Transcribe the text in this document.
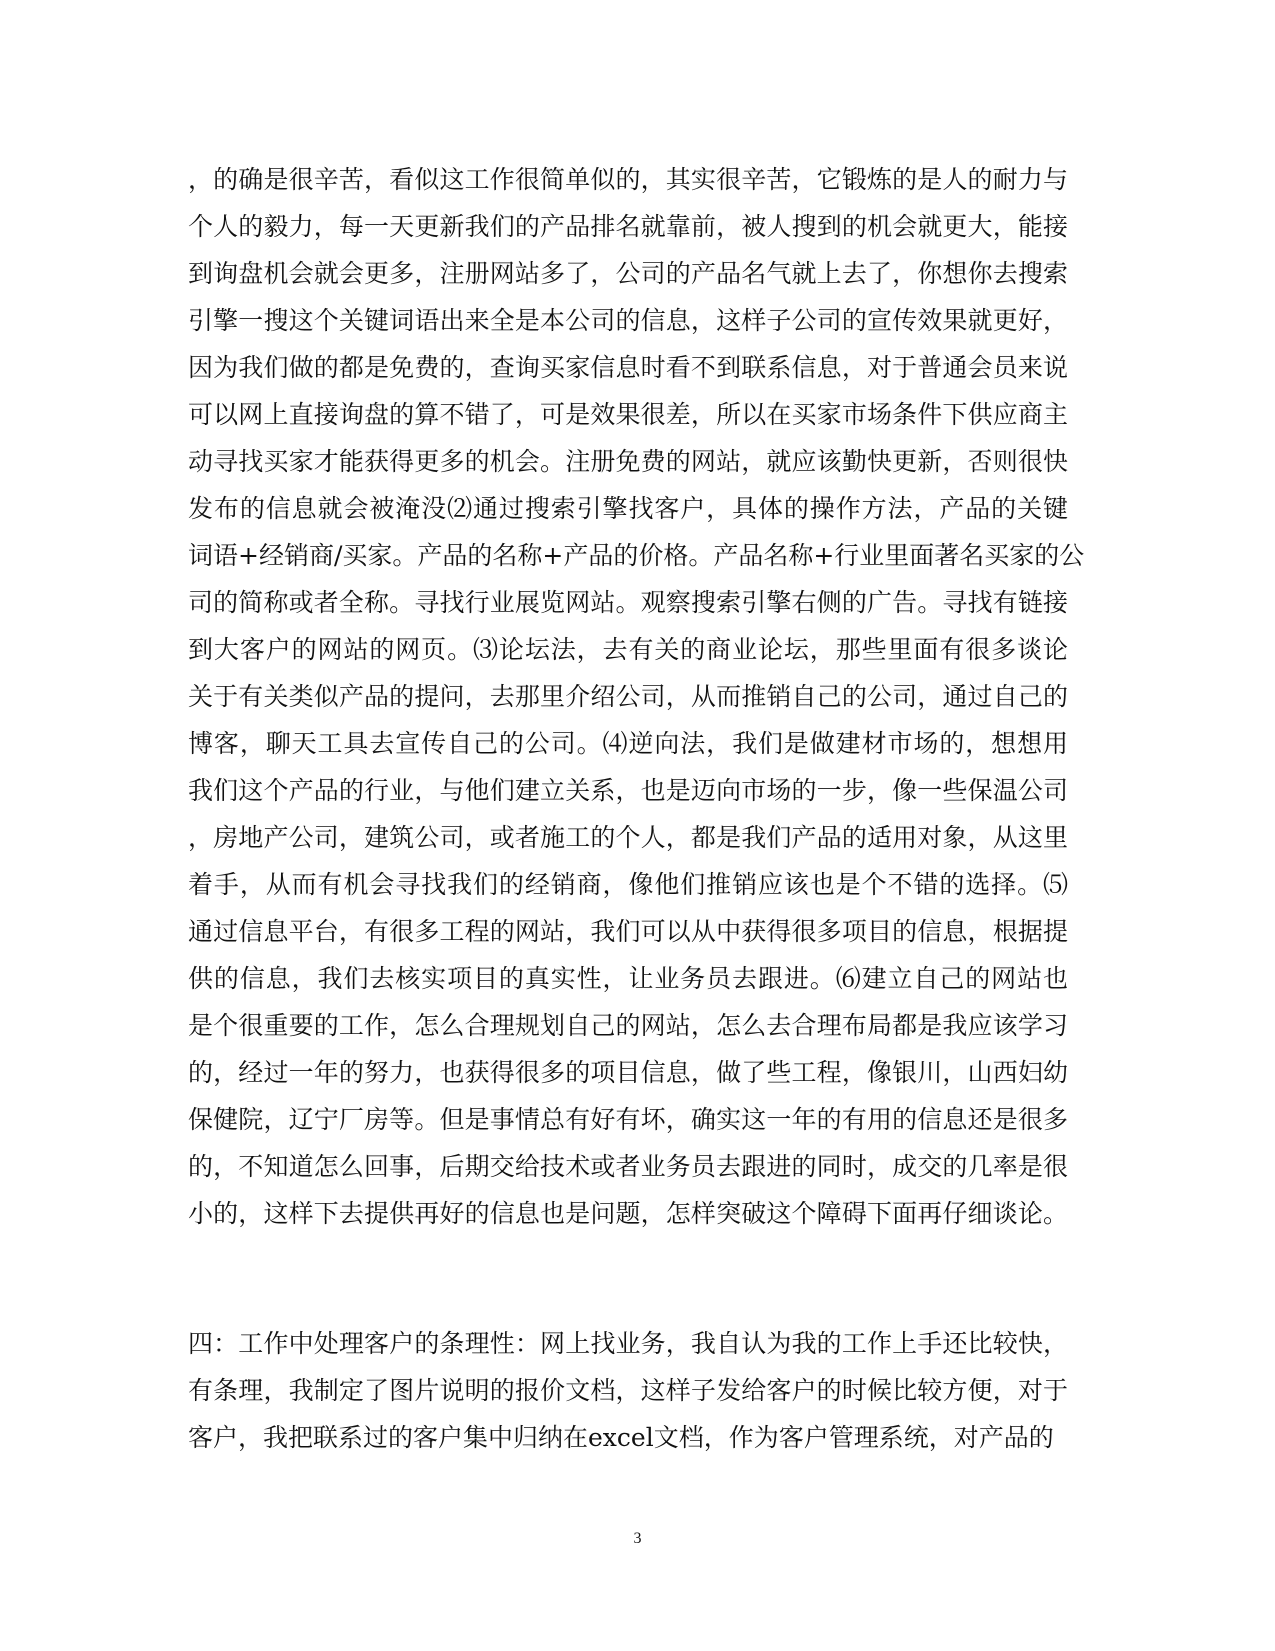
，的确是很辛苦，看似这工作很简单似的，其实很辛苦，它锻炼的是人的耐力与
个人的毅力，每一天更新我们的产品排名就靠前，被人搜到的机会就更大，能接
到询盘机会就会更多，注册网站多了，公司的产品名气就上去了，你想你去搜索
引擎一搜这个关键词语出来全是本公司的信息，这样子公司的宣传效果就更好，
因为我们做的都是免费的，查询买家信息时看不到联系信息，对于普通会员来说
可以网上直接询盘的算不错了，可是效果很差，所以在买家市场条件下供应商主
动寻找买家才能获得更多的机会。注册免费的网站，就应该勤快更新，否则很快
发布的信息就会被淹没⑵通过搜索引擎找客户，具体的操作方法，产品的关键
词语+经销商/买家。产品的名称+产品的价格。产品名称+行业里面著名买家的公
司的简称或者全称。寻找行业展览网站。观察搜索引擎右侧的广告。寻找有链接
到大客户的网站的网页。⑶论坛法，去有关的商业论坛，那些里面有很多谈论
关于有关类似产品的提问，去那里介绍公司，从而推销自己的公司，通过自己的
博客，聊天工具去宣传自己的公司。⑷逆向法，我们是做建材市场的，想想用
我们这个产品的行业，与他们建立关系，也是迈向市场的一步，像一些保温公司
，房地产公司，建筑公司，或者施工的个人，都是我们产品的适用对象，从这里
着手，从而有机会寻找我们的经销商，像他们推销应该也是个不错的选择。⑸
通过信息平台，有很多工程的网站，我们可以从中获得很多项目的信息，根据提
供的信息，我们去核实项目的真实性，让业务员去跟进。⑹建立自己的网站也
是个很重要的工作，怎么合理规划自己的网站，怎么去合理布局都是我应该学习
的，经过一年的努力，也获得很多的项目信息，做了些工程，像银川，山西妇幼
保健院，辽宁厂房等。但是事情总有好有坏，确实这一年的有用的信息还是很多
的，不知道怎么回事，后期交给技术或者业务员去跟进的同时，成交的几率是很
小的，这样下去提供再好的信息也是问题，怎样突破这个障碍下面再仔细谈论。
四：工作中处理客户的条理性：网上找业务，我自认为我的工作上手还比较快，
有条理，我制定了图片说明的报价文档，这样子发给客户的时候比较方便，对于
客户，我把联系过的客户集中归纳在excel文档，作为客户管理系统，对产品的
3
